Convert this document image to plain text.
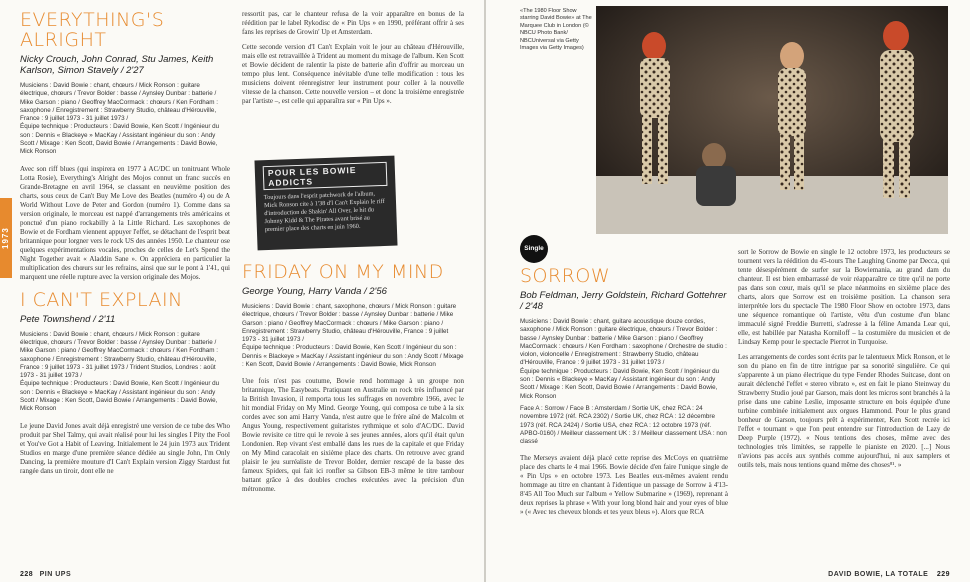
1973
EVERYTHING'S
ALRIGHT
Nicky Crouch, John Conrad, Stu James, Keith Karlson, Simon Stavely / 2'27
Musiciens : David Bowie : chant, chœurs / Mick Ronson : guitare électrique, chœurs / Trevor Bolder : basse / Aynsley Dunbar : batterie / Mike Garson : piano / Geoffrey MacCormack : chœurs / Ken Fordham : saxophone / Enregistrement : Strawberry Studio, château d'Hérouville, France : 9 juillet 1973 - 31 juillet 1973 /
Équipe technique : Producteurs : David Bowie, Ken Scott / Ingénieur du son : Dennis « Blackeye » MacKay / Assistant ingénieur du son : Andy Scott / Mixage : Ken Scott, David Bowie / Arrangements : David Bowie, Mick Ronson

Avec son riff blues (qui inspirera en 1977 à AC/DC un tonitruant Whole Lotta Rosie), Everything's Alright des Mojos connut un franc succès en Grande-Bretagne en avril 1964, se classant en neuvième position des charts, sous ceux de Can't Buy Me Love des Beatles (numéro 4) ou de A World Without Love de Peter and Gordon (numéro 1). Comme dans sa version originale, le morceau est nappé d'arrangements très américains et ponctué d'un piano rockabilly à la Little Richard. Les saxophones de Bowie et de Fordham viennent appuyer l'effet, se détachant de l'esprit beat britannique pour lorgner vers le rock US des années 1950. Le chanteur ose quelques expérimentations vocales, proches de celles de Let's Spend the Night Together avait « Aladdin Sane ». On appréciera en particulier la multiplication des chœurs sur les refrains, ainsi que sur le pont à 1'41, qui marquent une réelle rupture avec la version originale des Mojos.

I CAN'T EXPLAIN
Pete Townshend / 2'11
Musiciens : David Bowie : chant, chœurs / Mick Ronson : guitare électrique, chœurs / Trevor Bolder : basse / Aynsley Dunbar : batterie / Mike Garson : piano / Geoffrey MacCormack : chœurs / Ken Fordham : saxophone / Enregistrement : Strawberry Studio, château d'Hérouville, France : 9 juillet 1973 - 31 juillet 1973 / Trident Studios, Londres : août 1973 - 31 juillet 1973 /
Équipe technique : Producteurs : David Bowie, Ken Scott / Ingénieur du son : Dennis « Blackeye » MacKay / Assistant ingénieur du son : Andy Scott / Mixage : Ken Scott, David Bowie / Arrangements : David Bowie, Mick Ronson

Le jeune David Jones avait déjà enregistré une version de ce tube des Who produit par Shel Talmy, qui avait réalisé pour lui les singles I Pity the Fool et You've Got a Habit of Leaving. Initialement le 24 juin 1973 aux Trident Studios en marge d'une première séance dédiée au single John, I'm Only Dancing, la première mouture d'I Can't Explain version Ziggy Stardust fut rangée dans un tiroir, dont elle ne

ressortit pas, car le chanteur refusa de la voir apparaître en bonus de la réédition par le label Rykodisc de « Pin Ups » en 1990, préférant offrir à ses fans les reprises de Growin' Up et Amsterdam.

Cette seconde version d'I Can't Explain voit le jour au château d'Hérouville, mais elle est retravaillée à Trident au moment du mixage de l'album. Ken Scott et Bowie décident de ralentir la piste de batterie afin d'offrir au morceau un tempo plus lent. Conséquence inévitable d'une telle modification : tous les musiciens doivent réenregistrer leur instrument pour coller à la nouvelle vitesse de la chanson. Cette nouvelle version – et donc la troisième enregistrée par l'artiste –, est celle qui apparaîtra sur « Pin Ups ».

POUR LES BOWIE ADDICTS
Toujours dans l'esprit patchwork de l'album, Mick Ronson cite à 1'38 d'I Can't Explain le riff d'introduction de Shakin' All Over, le hit du Johnny Kidd & The Pirates avant brisé au premier place des charts en juin 1960.
FRIDAY ON MY MIND
George Young, Harry Vanda / 2'56
Musiciens : David Bowie : chant, saxophone, chœurs / Mick Ronson : guitare électrique, chœurs / Trevor Bolder : basse / Aynsley Dunbar : batterie / Mike Garson : piano / Geoffrey MacCormack : chœurs / Mike Garson : piano / Enregistrement : Strawberry Studio, château d'Hérouville, France : 9 juillet 1973 - 31 juillet 1973 /
Équipe technique : Producteurs : David Bowie, Ken Scott / Ingénieur du son : Dennis « Blackeye » MacKay / Assistant ingénieur du son : Andy Scott / Mixage : Ken Scott, David Bowie / Arrangements : David Bowie, Mick Ronson

Une fois n'est pas coutume, Bowie rend hommage à un groupe non britannique, The Easybeats. Pratiquant en Australie un rock très influencé par la British Invasion, il remporta tous les suffrages en novembre 1966, avec le hit mondial Friday on My Mind. George Young, qui composa ce tube à la six cordes avec son ami Harry Vanda, n'est autre que le frère aîné de Malcolm et Angus Young, respectivement guitaristes rythmique et solo d'AC/DC. David Bowie revisite ce titre qui le revoie à ses jeunes années, alors qu'il était qu'un Londonien. Rep vivant s'est emballé dans les rues de la capitale et que Friday on My Mind caracolait en sixième place des charts. On retrouve avec grand plaisir le jeu surréaliste de Trevor Bolder, dernier rescapé de la basse des fameux Spiders, qui fait ici ronfler sa Gibson EB-3 même le titre tambour battant grâce à des doubles croches exécutées avec la précision d'un métronome.

228 PIN UPS
«The 1980 Floor Show starring David Bowie» at The Marquee Club in London (© NBCU Photo Bank/ NBCUniversal via Getty Images via Getty Images)
Single
SORROW
Bob Feldman, Jerry Goldstein, Richard Gottehrer / 2'48
Musiciens : David Bowie : chant, guitare acoustique douze cordes, saxophone / Mick Ronson : guitare électrique, chœurs / Trevor Bolder : basse / Aynsley Dunbar : batterie / Mike Garson : piano / Geoffrey MacCormack : chœurs / Ken Fordham : saxophone / Orchestre de studio : violon, violoncelle / Enregistrement : Strawberry Studio, château d'Hérouville, France : 9 juillet 1973 - 31 juillet 1973 /
Équipe technique : Producteurs : David Bowie, Ken Scott / Ingénieur du son : Dennis « Blackeye » MacKay / Assistant ingénieur du son : Andy Scott / Mixage : Ken Scott, David Bowie / Arrangements : David Bowie, Mick Ronson
Face A : Sorrow / Face B : Amsterdam / Sortie UK, chez RCA : 24 novembre 1972 (réf. RCA 2302) / Sortie UK, chez RCA : 12 décembre 1973 (réf. RCA 2424) / Sortie USA, chez RCA : 12 octobre 1973 (réf. APBO-0160) / Meilleur classement UK : 3 / Meilleur classement USA : non classé

The Merseys avaient déjà placé cette reprise des McCoys en quatrième place des charts le 4 mai 1966. Bowie décide d'en faire l'unique single de « Pin Ups » en octobre 1973. Les Beatles eux-mêmes avaient rendu hommage au titre en chantant à l'identique un passage de Sorrow à 4'13-8'45 All Too Much sur l'album « Yellow Submarine » (1969), reprenant à deux reprises la phrase « With your long blond hair and your eyes of blue » (« Avec tes cheveux blonds et tes yeux bleus »). Alors que RCA

sort le Sorrow de Bowie en single le 12 octobre 1973, les producteurs se tournent vers la réédition du 45-tours The Laughing Gnome par Decca, qui tente désespérément de surfer sur la Bowiemania, au grand dam du chanteur. Il est bien embarrassé de voir réapparaître ce titre qu'il ne porte pas dans son cœur, mais qu'il se place néanmoins en sixième place des charts, alors que Sorrow est en troisième position. La chanson sera interprétée lors du spectacle The 1980 Floor Show en octobre 1973, dans une séquence romantique où l'artiste, vêtu d'un costume d'un blanc immaculé signé Freddie Burretti, s'adresse à la féline Amanda Lear qui, elle, est habillée par Natasha Korniloff – la costumière du musicien et de Lindsay Kemp pour le spectacle Pierrot in Turquoise.

Les arrangements de cordes sont écrits par le talentueux Mick Ronson, et le son du piano en fin de titre intrigue par sa sonorité singulière. Ce qui s'apparente à un piano électrique du type Fender Rhodes Suitcase, dont on aurait déclenché l'effet « stereo vibrato », est en fait le piano Steinway du Strawberry Studio joué par Garson, mais dont les micros sont branchés à la prise dans une cabine Leslie, imposante structure en bois équipée d'une turbine combinée initialement aux orgues Hammond. Pour le plus grand bonheur de Garson, toujours prêt à expérimenter, Ken Scott recrée ici l'effet « tournant » que l'on peut entendre sur l'introduction de Lazy de Deep Purple (1972). « Nous tentions des choses, même avec des technologies très limitées, se rappelle le pianiste en 2020. [...] Nous n'avions pas accès aux synthés comme aujourd'hui, ni aux samplers et outils tels, mais nous tentions quand même des choses⁸¹. »

DAVID BOWIE, LA TOTALE 229
